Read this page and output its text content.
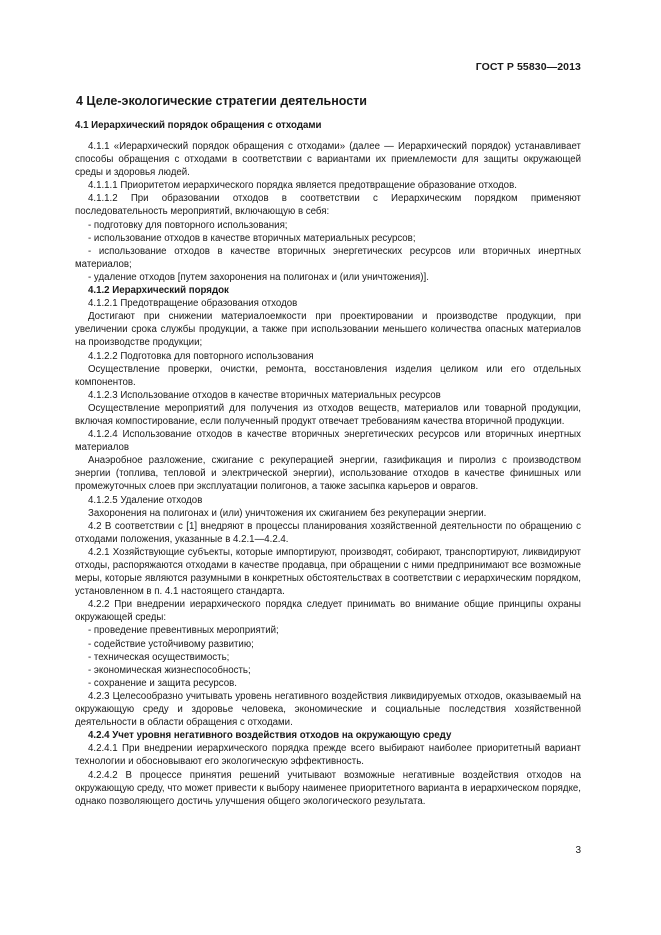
ГОСТ Р 55830—2013
4 Целе-экологические стратегии деятельности
4.1 Иерархический порядок обращения с отходами

4.1.1 «Иерархический порядок обращения с отходами» (далее — Иерархический порядок) устанавливает способы обращения с отходами в соответствии с вариантами их приемлемости для защиты окружающей среды и здоровья людей.

4.1.1.1 Приоритетом иерархического порядка является предотвращение образование отходов.

4.1.1.2 При образовании отходов в соответствии с Иерархическим порядком применяют последовательность мероприятий, включающую в себя:

- подготовку для повторного использования;

- использование отходов в качестве вторичных материальных ресурсов;

- использование отходов в качестве вторичных энергетических ресурсов или вторичных инертных материалов;

- удаление отходов [путем захоронения на полигонах и (или уничтожения)].

4.1.2 Иерархический порядок

4.1.2.1 Предотвращение образования отходов

Достигают при снижении материалоемкости при проектировании и производстве продукции, при увеличении срока службы продукции, а также при использовании меньшего количества опасных материалов на производстве продукции;

4.1.2.2 Подготовка для повторного использования

Осуществление проверки, очистки, ремонта, восстановления изделия целиком или его отдельных компонентов.

4.1.2.3 Использование отходов в качестве вторичных материальных ресурсов

Осуществление мероприятий для получения из отходов веществ, материалов или товарной продукции, включая компостирование, если полученный продукт отвечает требованиям качества вторичной продукции.

4.1.2.4 Использование отходов в качестве вторичных энергетических ресурсов или вторичных инертных материалов

Анаэробное разложение, сжигание с рекуперацией энергии, газификация и пиролиз с производством энергии (топлива, тепловой и электрической энергии), использование отходов в качестве финишных или промежуточных слоев при эксплуатации полигонов, а также засыпка карьеров и оврагов.

4.1.2.5 Удаление отходов

Захоронения на полигонах и (или) уничтожения их сжиганием без рекуперации энергии.

4.2 В соответствии с [1] внедряют в процессы планирования хозяйственной деятельности по обращению с отходами положения, указанные в 4.2.1—4.2.4.

4.2.1 Хозяйствующие субъекты, которые импортируют, производят, собирают, транспортируют, ликвидируют отходы, распоряжаются отходами в качестве продавца, при обращении с ними предпринимают все возможные меры, которые являются разумными в конкретных обстоятельствах в соответствии с иерархическим порядком, установленном в п. 4.1 настоящего стандарта.

4.2.2 При внедрении иерархического порядка следует принимать во внимание общие принципы охраны окружающей среды:

- проведение превентивных мероприятий;

- содействие устойчивому развитию;

- техническая осуществимость;

- экономическая жизнеспособность;

- сохранение и защита ресурсов.

4.2.3 Целесообразно учитывать уровень негативного воздействия ликвидируемых отходов, оказываемый на окружающую среду и здоровье человека, экономические и социальные последствия хозяйственной деятельности в области обращения с отходами.

4.2.4 Учет уровня негативного воздействия отходов на окружающую среду

4.2.4.1 При внедрении иерархического порядка прежде всего выбирают наиболее приоритетный вариант технологии и обосновывают его экологическую эффективность.

4.2.4.2 В процессе принятия решений учитывают возможные негативные воздействия отходов на окружающую среду, что может привести к выбору наименее приоритетного варианта в иерархическом порядке, однако позволяющего достичь улучшения общего экологического результата.

3
